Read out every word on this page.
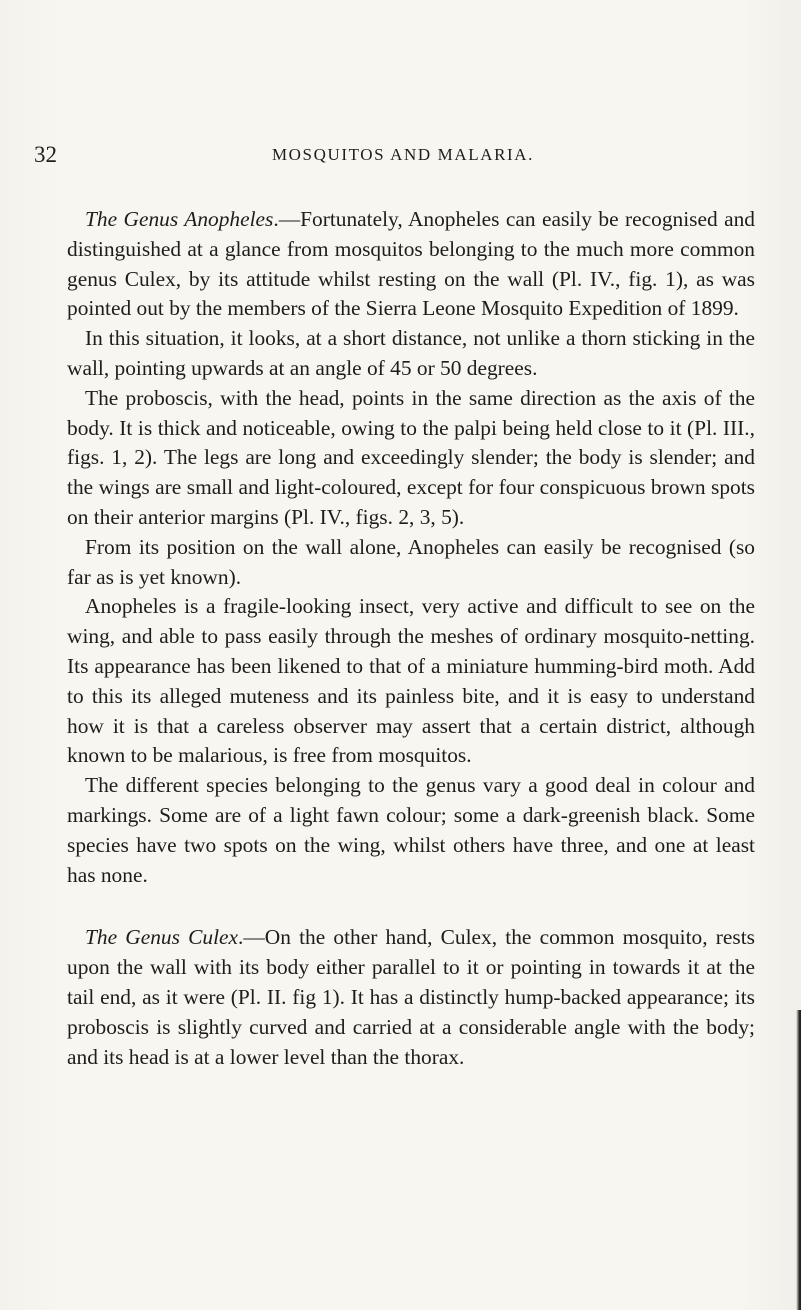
32	MOSQUITOS AND MALARIA.

The Genus Anopheles.—Fortunately, Anopheles can easily be recognised and distinguished at a glance from mosquitos belonging to the much more common genus Culex, by its attitude whilst resting on the wall (Pl. IV., fig. 1), as was pointed out by the members of the Sierra Leone Mosquito Expedition of 1899.

In this situation, it looks, at a short distance, not unlike a thorn sticking in the wall, pointing upwards at an angle of 45 or 50 degrees.

The proboscis, with the head, points in the same direction as the axis of the body. It is thick and noticeable, owing to the palpi being held close to it (Pl. III., figs. 1, 2). The legs are long and exceedingly slender; the body is slender; and the wings are small and light-coloured, except for four conspicuous brown spots on their anterior margins (Pl. IV., figs. 2, 3, 5).

From its position on the wall alone, Anopheles can easily be recognised (so far as is yet known).

Anopheles is a fragile-looking insect, very active and difficult to see on the wing, and able to pass easily through the meshes of ordinary mosquito-netting. Its appearance has been likened to that of a miniature humming-bird moth. Add to this its alleged muteness and its painless bite, and it is easy to understand how it is that a careless observer may assert that a certain district, although known to be malarious, is free from mosquitos.

The different species belonging to the genus vary a good deal in colour and markings. Some are of a light fawn colour; some a dark-greenish black. Some species have two spots on the wing, whilst others have three, and one at least has none.

The Genus Culex.—On the other hand, Culex, the common mosquito, rests upon the wall with its body either parallel to it or pointing in towards it at the tail end, as it were (Pl. II. fig 1). It has a distinctly hump-backed appearance; its proboscis is slightly curved and carried at a considerable angle with the body; and its head is at a lower level than the thorax.
